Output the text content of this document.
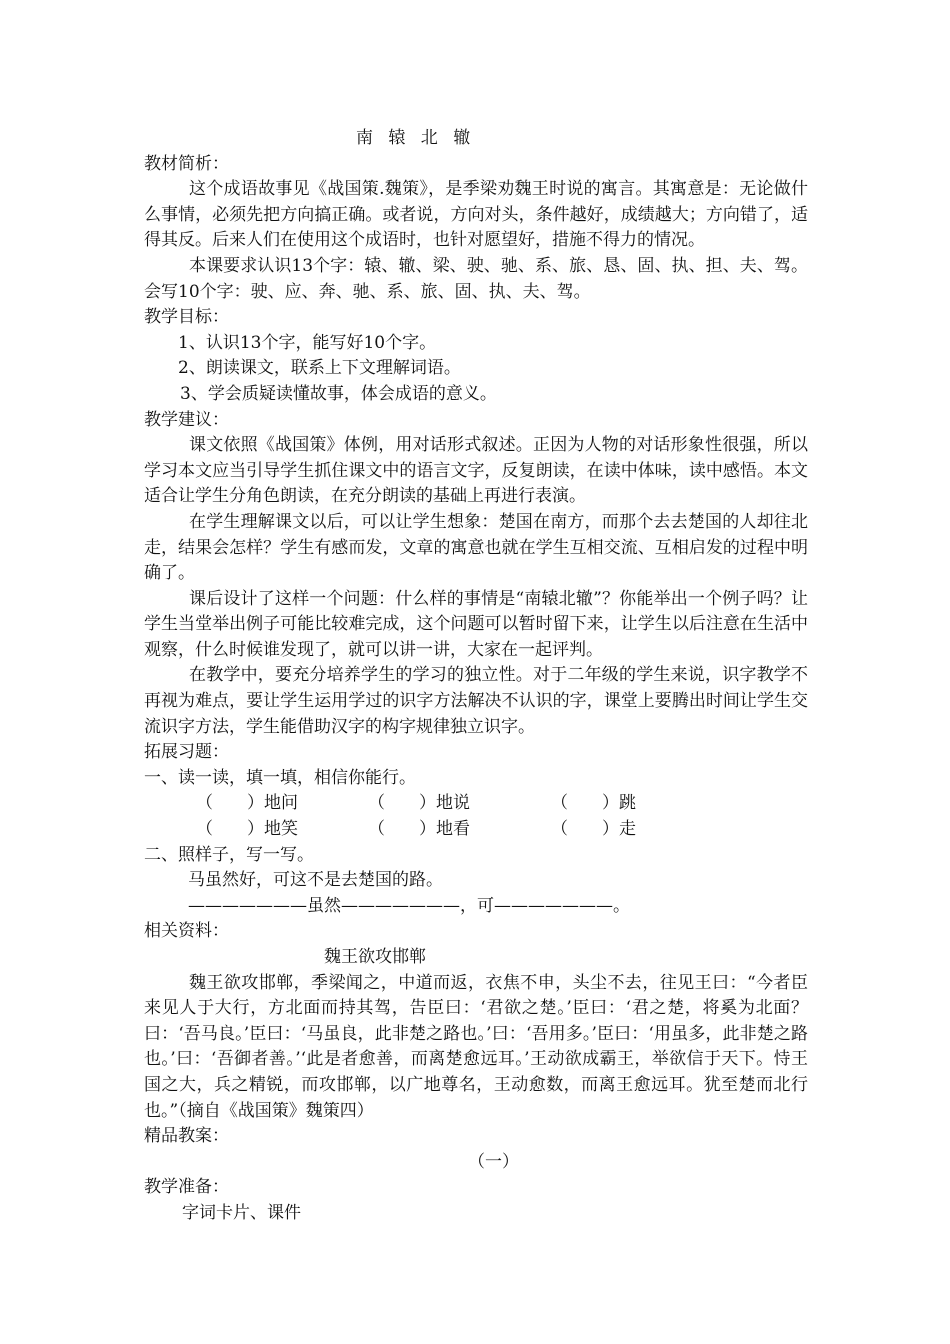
南 辕 北 辙

教材简析：

这个成语故事见《战国策.魏策》，是季梁劝魏王时说的寓言。其寓意是：无论做什么事情，必须先把方向搞正确。或者说，方向对头，条件越好，成绩越大；方向错了，适得其反。后来人们在使用这个成语时，也针对愿望好，措施不得力的情况。

本课要求认识13个字：辕、辙、梁、驶、驰、系、旅、恳、固、执、担、夫、驾。会写10个字：驶、应、奔、驰、系、旅、固、执、夫、驾。

教学目标：

1、认识13个字，能写好10个字。

2、朗读课文，联系上下文理解词语。

3、学会质疑读懂故事，体会成语的意义。

教学建议：

课文依照《战国策》体例，用对话形式叙述。正因为人物的对话形象性很强，所以学习本文应当引导学生抓住课文中的语言文字，反复朗读，在读中体味，读中感悟。本文适合让学生分角色朗读，在充分朗读的基础上再进行表演。

在学生理解课文以后，可以让学生想象：楚国在南方，而那个去去楚国的人却往北走，结果会怎样？学生有感而发，文章的寓意也就在学生互相交流、互相启发的过程中明确了。

课后设计了这样一个问题：什么样的事情是“南辕北辙”？你能举出一个例子吗？让学生当堂举出例子可能比较难完成，这个问题可以暂时留下来，让学生以后注意在生活中观察，什么时候谁发现了，就可以讲一讲，大家在一起评判。

在教学中，要充分培养学生的学习的独立性。对于二年级的学生来说，识字教学不再视为难点，要让学生运用学过的识字方法解决不认识的字，课堂上要腾出时间让学生交流识字方法，学生能借助汉字的构字规律独立识字。

拓展习题：

一、读一读，填一填，相信你能行。

（　　）地问	（　　）地说	（　　）跳
（　　）地笑	（　　）地看	（　　）走

二、照样子，写一写。

马虽然好，可这不是去楚国的路。

———————虽然———————，可———————。

相关资料：

魏王欲攻邯郸

魏王欲攻邯郸，季梁闻之，中道而返，衣焦不申，头尘不去，往见王曰：“今者臣来见人于大行，方北面而持其驾，告臣曰：‘君欲之楚。’臣曰：‘君之楚，将奚为北面？曰：‘吾马良。’臣曰：‘马虽良，此非楚之路也。’曰：‘吾用多。’臣曰：‘用虽多，此非楚之路也。’曰：‘吾御者善。’‘此是者愈善，而离楚愈远耳。’王动欲成霸王，举欲信于天下。恃王国之大，兵之精锐，而攻邯郸，以广地尊名，王动愈数，而离王愈远耳。犹至楚而北行也。”（摘自《战国策》魏策四）

精品教案：

（一）

教学准备：

字词卡片、课件
